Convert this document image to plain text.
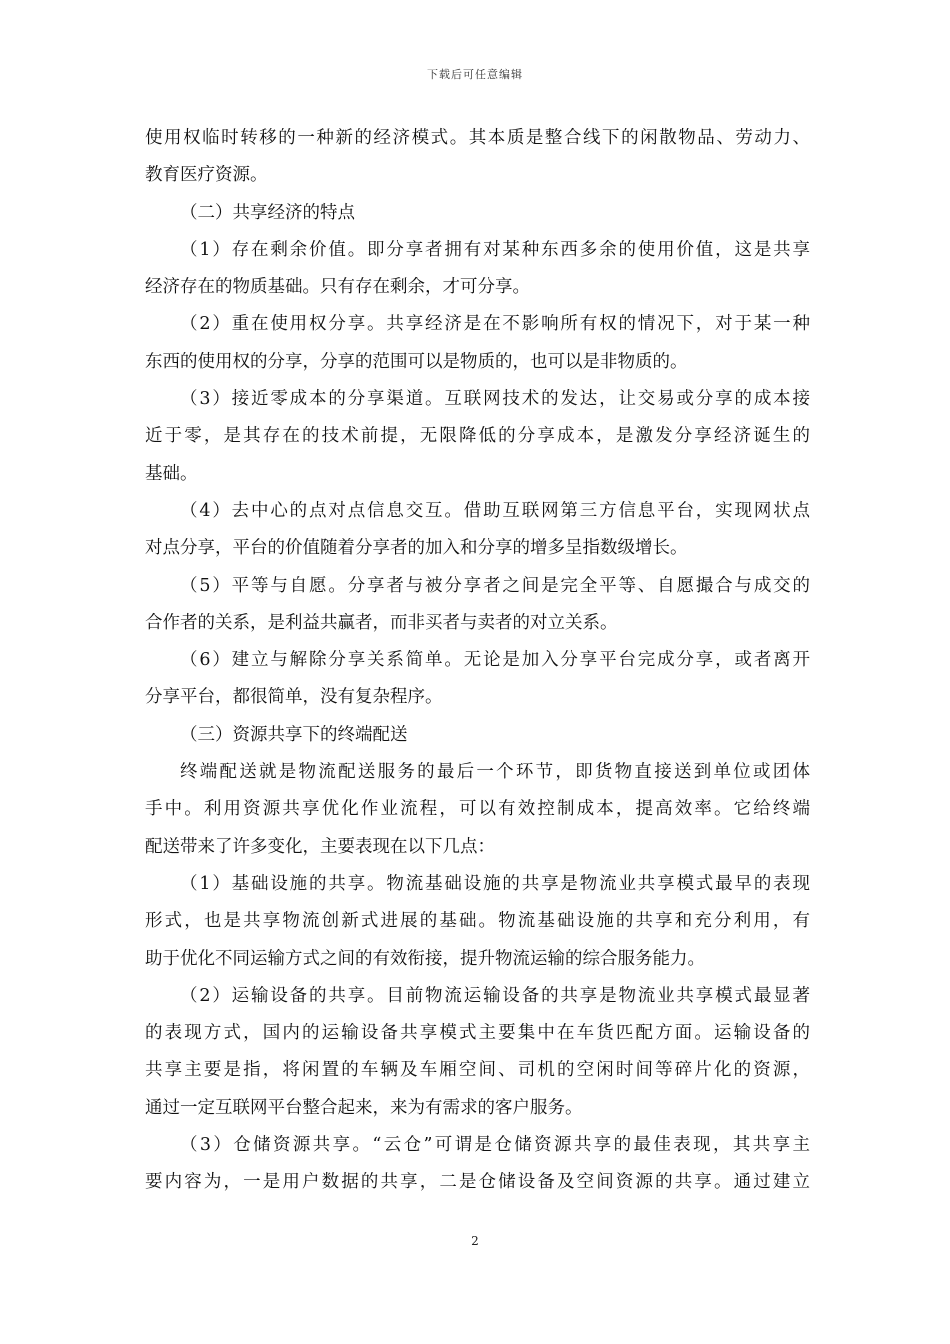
下载后可任意编辑
使用权临时转移的一种新的经济模式。其本质是整合线下的闲散物品、劳动力、
教育医疗资源。
（二）共享经济的特点
（1）存在剩余价值。即分享者拥有对某种东西多余的使用价值，这是共享
经济存在的物质基础。只有存在剩余，才可分享。
（2）重在使用权分享。共享经济是在不影响所有权的情况下，对于某一种
东西的使用权的分享，分享的范围可以是物质的，也可以是非物质的。
（3）接近零成本的分享渠道。互联网技术的发达，让交易或分享的成本接
近于零，是其存在的技术前提，无限降低的分享成本，是激发分享经济诞生的
基础。
（4）去中心的点对点信息交互。借助互联网第三方信息平台，实现网状点
对点分享，平台的价值随着分享者的加入和分享的增多呈指数级增长。
（5）平等与自愿。分享者与被分享者之间是完全平等、自愿撮合与成交的
合作者的关系，是利益共赢者，而非买者与卖者的对立关系。
（6）建立与解除分享关系简单。无论是加入分享平台完成分享，或者离开
分享平台，都很简单，没有复杂程序。
（三）资源共享下的终端配送
终端配送就是物流配送服务的最后一个环节，即货物直接送到单位或团体
手中。利用资源共享优化作业流程，可以有效控制成本，提高效率。它给终端
配送带来了许多变化，主要表现在以下几点：
（1）基础设施的共享。物流基础设施的共享是物流业共享模式最早的表现
形式，也是共享物流创新式进展的基础。物流基础设施的共享和充分利用，有
助于优化不同运输方式之间的有效衔接，提升物流运输的综合服务能力。
（2）运输设备的共享。目前物流运输设备的共享是物流业共享模式最显著
的表现方式，国内的运输设备共享模式主要集中在车货匹配方面。运输设备的
共享主要是指，将闲置的车辆及车厢空间、司机的空闲时间等碎片化的资源，
通过一定互联网平台整合起来，来为有需求的客户服务。
（3）仓储资源共享。“云仓”可谓是仓储资源共享的最佳表现，其共享主
要内容为，一是用户数据的共享，二是仓储设备及空间资源的共享。通过建立
2
